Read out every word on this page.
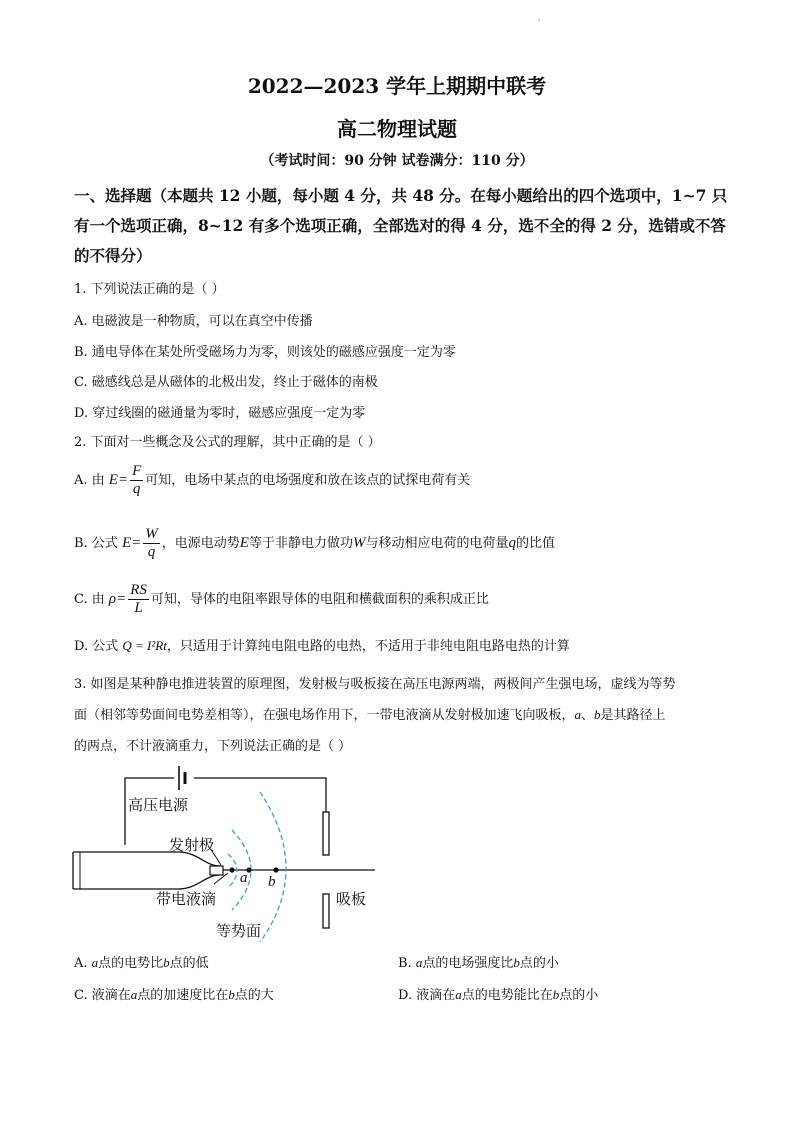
2022—2023 学年上期期中联考
高二物理试题
（考试时间：90 分钟 试卷满分：110 分）
一、选择题（本题共 12 小题，每小题 4 分，共 48 分。在每小题给出的四个选项中，1~7 只
有一个选项正确，8~12 有多个选项正确，全部选对的得 4 分，选不全的得 2 分，选错或不答
的不得分）
1. 下列说法正确的是（ ）
A. 电磁波是一种物质，可以在真空中传播
B. 通电导体在某处所受磁场力为零，则该处的磁感应强度一定为零
C. 磁感线总是从磁体的北极出发，终止于磁体的南极
D. 穿过线圈的磁通量为零时，磁感应强度一定为零
2. 下面对一些概念及公式的理解，其中正确的是（ ）
A. 由 $E= \frac{F}{q}$ 可知，电场中某点的电场强度和放在该点的试探电荷有关
B. 公式 $E= \frac{W}{q}$ ，电源电动势E等于非静电力做功W与移动相应电荷的电荷量q的比值
C. 由 $\rho= \frac{RS}{L}$ 可知，导体的电阻率跟导体的电阻和横截面积的乘积成正比
D. 公式 Q = I²Rt，只适用于计算纯电阻电路的电热，不适用于非纯电阻电路电热的计算
3. 如图是某种静电推进装置的原理图，发射极与吸板接在高压电源两端，两极间产生强电场，虚线为等势
面（相邻等势面间电势差相等），在强电场作用下，一带电液滴从发射极加速飞向吸板，a、b是其路径上
的两点，不计液滴重力，下列说法正确的是（ ）
高压电源
发射极
带电液滴
等势面
吸板
a b
A. a点的电势比b点的低	B. a点的电场强度比b点的小
C. 液滴在a点的加速度比在b点的大	D. 液滴在a点的电势能比在b点的小
